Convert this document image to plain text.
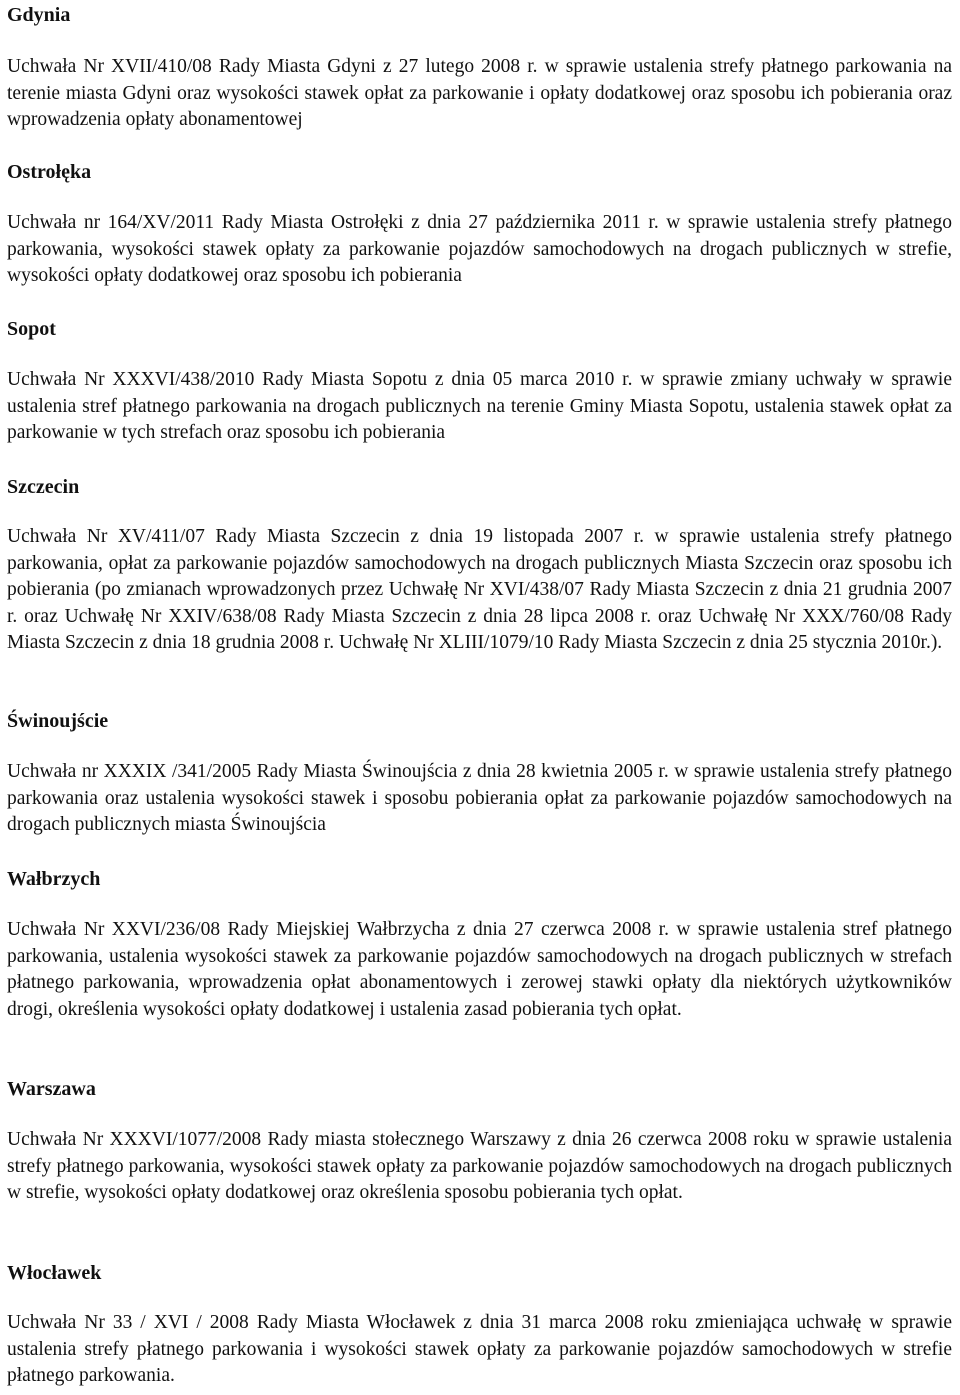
Gdynia

Uchwała Nr XVII/410/08 Rady Miasta Gdyni z 27 lutego 2008 r. w sprawie ustalenia strefy płatnego parkowania na terenie miasta Gdyni oraz wysokości stawek opłat za parkowanie i opłaty dodatkowej oraz sposobu ich pobierania oraz wprowadzenia opłaty abonamentowej

Ostrołęka

Uchwała nr 164/XV/2011 Rady Miasta Ostrołęki z dnia 27 października 2011 r. w sprawie ustalenia strefy płatnego parkowania, wysokości stawek opłaty za parkowanie pojazdów samochodowych na drogach publicznych w strefie, wysokości opłaty dodatkowej oraz sposobu ich pobierania

Sopot

Uchwała Nr XXXVI/438/2010 Rady Miasta Sopotu z dnia 05 marca 2010 r. w sprawie zmiany uchwały w sprawie ustalenia stref płatnego parkowania na drogach publicznych na terenie Gminy Miasta Sopotu, ustalenia stawek opłat za parkowanie w tych strefach oraz sposobu ich pobierania

Szczecin

Uchwała Nr XV/411/07 Rady Miasta Szczecin z dnia 19 listopada 2007 r. w sprawie ustalenia strefy płatnego parkowania, opłat za parkowanie pojazdów samochodowych na drogach publicznych Miasta Szczecin oraz sposobu ich pobierania (po zmianach wprowadzonych przez Uchwałę Nr XVI/438/07 Rady Miasta Szczecin z dnia 21 grudnia 2007 r. oraz Uchwałę Nr XXIV/638/08 Rady Miasta Szczecin z dnia 28 lipca 2008 r. oraz Uchwałę Nr XXX/760/08 Rady Miasta Szczecin z dnia 18 grudnia 2008 r. Uchwałę Nr XLIII/1079/10 Rady Miasta Szczecin z dnia 25 stycznia 2010r.).

Świnoujście

Uchwała nr XXXIX /341/2005 Rady Miasta Świnoujścia z dnia 28 kwietnia 2005 r. w sprawie ustalenia strefy płatnego parkowania oraz ustalenia wysokości stawek i sposobu pobierania opłat za parkowanie pojazdów samochodowych na drogach publicznych miasta Świnoujścia

Wałbrzych

Uchwała Nr XXVI/236/08 Rady Miejskiej Wałbrzycha z dnia 27 czerwca 2008 r. w sprawie ustalenia stref płatnego parkowania, ustalenia wysokości stawek za parkowanie pojazdów samochodowych na drogach publicznych w strefach płatnego parkowania, wprowadzenia opłat abonamentowych i zerowej stawki opłaty dla niektórych użytkowników drogi, określenia wysokości opłaty dodatkowej i ustalenia zasad pobierania tych opłat.

Warszawa

Uchwała Nr XXXVI/1077/2008 Rady miasta stołecznego Warszawy z dnia 26 czerwca 2008 roku w sprawie ustalenia strefy płatnego parkowania, wysokości stawek opłaty za parkowanie pojazdów samochodowych na drogach publicznych w strefie, wysokości opłaty dodatkowej oraz określenia sposobu pobierania tych opłat.

Włocławek

Uchwała Nr 33 / XVI / 2008 Rady Miasta Włocławek z dnia 31 marca 2008 roku zmieniająca uchwałę w sprawie ustalenia strefy płatnego parkowania i wysokości stawek opłaty za parkowanie pojazdów samochodowych w strefie płatnego parkowania.
